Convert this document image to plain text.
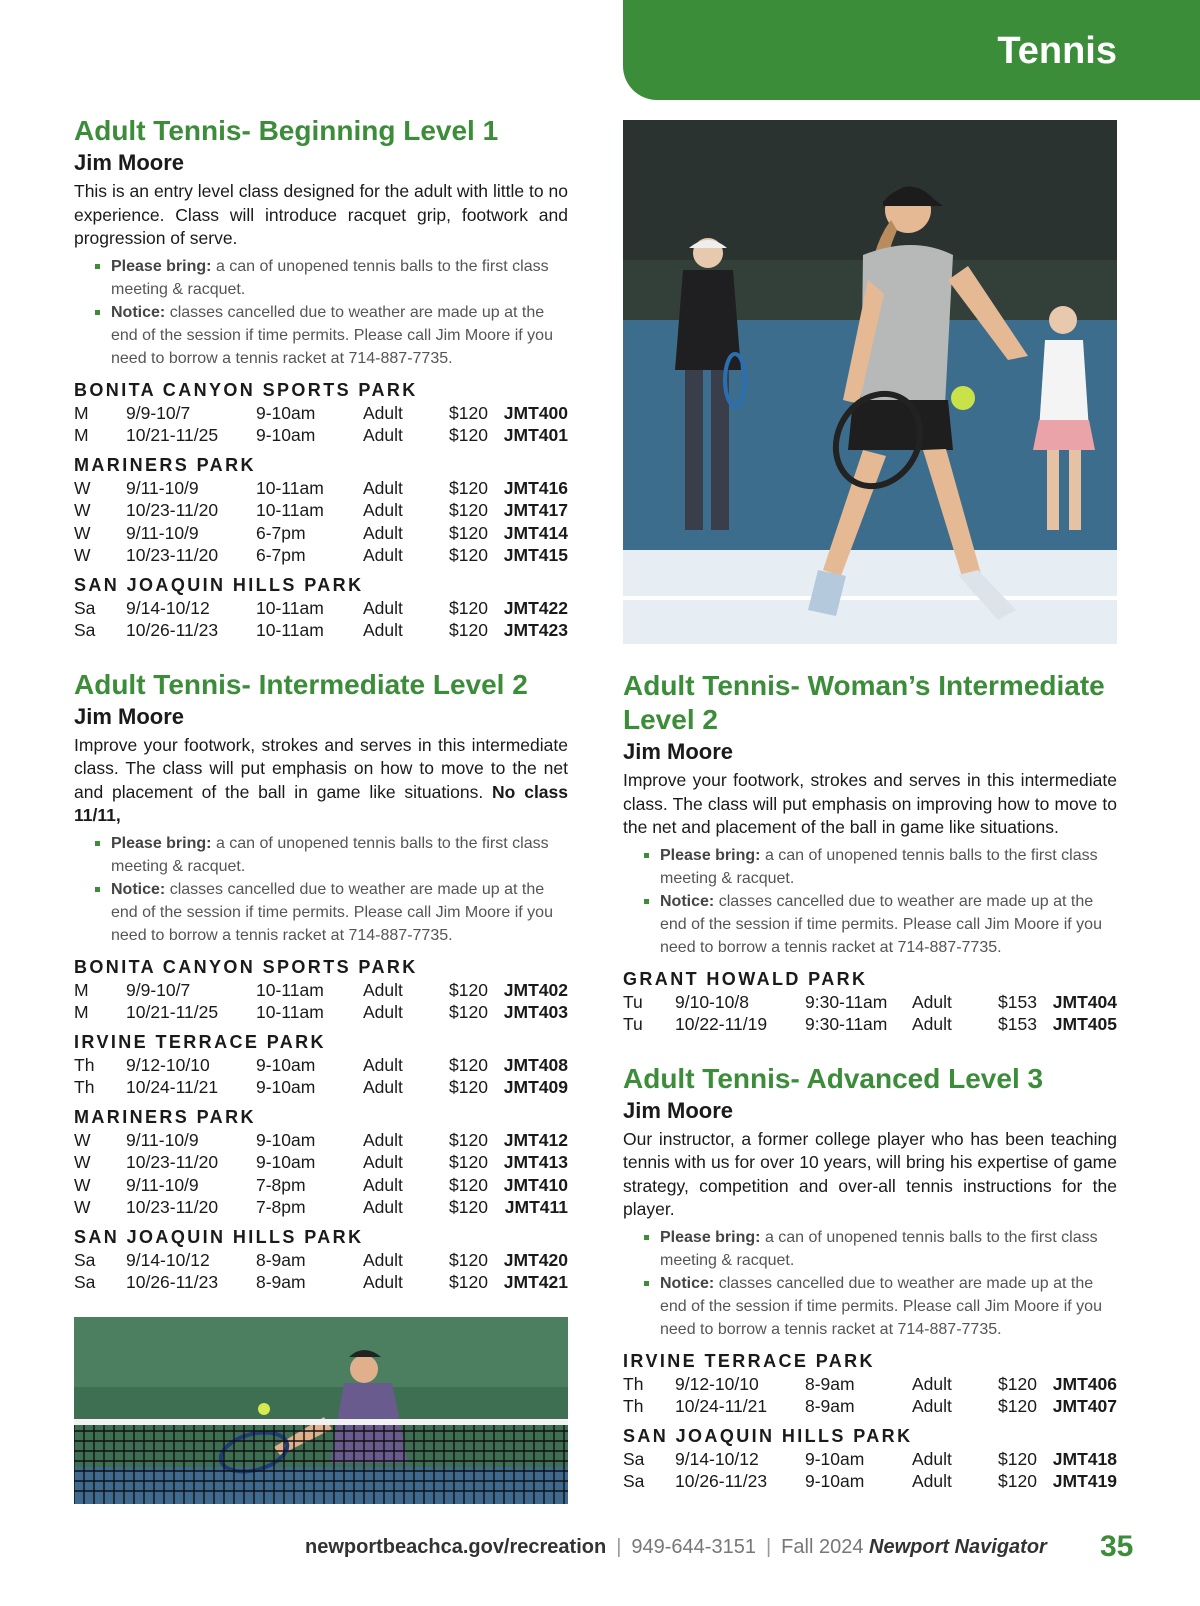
Tennis
Adult Tennis- Beginning Level 1

Jim Moore

This is an entry level class designed for the adult with little to no experience. Class will introduce racquet grip, footwork and progression of serve.

Please bring: a can of unopened tennis balls to the first class meeting & racquet.
Notice: classes cancelled due to weather are made up at the end of the session if time permits. Please call Jim Moore if you need to borrow a tennis racket at 714-887-7735.
BONITA CANYON SPORTS PARK
M 9/9-10/7	9-10am	Adult	$120 JMT400
M 10/21-11/25 9-10am	Adult	$120 JMT401
MARINERS PARK
W 9/11-10/9	10-11am Adult	$120 JMT416
W 10/23-11/20 10-11am Adult	$120 JMT417
W 9/11-10/9	6-7pm	Adult	$120 JMT414
W 10/23-11/20 6-7pm	Adult	$120 JMT415
SAN JOAQUIN HILLS PARK
Sa 9/14-10/12	10-11am Adult	$120 JMT422
Sa 10/26-11/23 10-11am Adult	$120 JMT423
Adult Tennis- Intermediate Level 2

Jim Moore

Improve your footwork, strokes and serves in this intermediate class. The class will put emphasis on how to move to the net and placement of the ball in game like situations. No class 11/11,

Please bring: a can of unopened tennis balls to the first class meeting & racquet.
Notice: classes cancelled due to weather are made up at the end of the session if time permits. Please call Jim Moore if you need to borrow a tennis racket at 714-887-7735.
BONITA CANYON SPORTS PARK
M 9/9-10/7	10-11am Adult	$120 JMT402
M 10/21-11/25 10-11am Adult	$120 JMT403
IRVINE TERRACE PARK
Th 9/12-10/10	9-10am	Adult	$120 JMT408
Th 10/24-11/21 9-10am	Adult	$120 JMT409
MARINERS PARK
W 9/11-10/9	9-10am	Adult	$120 JMT412
W 10/23-11/20 9-10am	Adult	$120 JMT413
W 9/11-10/9	7-8pm	Adult	$120 JMT410
W 10/23-11/20 7-8pm	Adult	$120 JMT411
SAN JOAQUIN HILLS PARK
Sa 9/14-10/12	8-9am	Adult	$120 JMT420
Sa 10/26-11/23 8-9am	Adult	$120 JMT421
Adult Tennis- Woman’s Intermediate Level 2

Jim Moore

Improve your footwork, strokes and serves in this intermediate class. The class will put emphasis on improving how to move to the net and placement of the ball in game like situations.

Please bring: a can of unopened tennis balls to the first class meeting & racquet.
Notice: classes cancelled due to weather are made up at the end of the session if time permits. Please call Jim Moore if you need to borrow a tennis racket at 714-887-7735.
GRANT HOWALD PARK
Tu 9/10-10/8	9:30-11am Adult	$153 JMT404
Tu 10/22-11/19 9:30-11am Adult	$153 JMT405
Adult Tennis- Advanced Level 3

Jim Moore

Our instructor, a former college player who has been teaching tennis with us for over 10 years, will bring his expertise of game strategy, competition and over-all tennis instructions for the player.

Please bring: a can of unopened tennis balls to the first class meeting & racquet.
Notice: classes cancelled due to weather are made up at the end of the session if time permits. Please call Jim Moore if you need to borrow a tennis racket at 714-887-7735.
IRVINE TERRACE PARK
Th 9/12-10/10	8-9am	Adult	$120 JMT406
Th 10/24-11/21 8-9am	Adult	$120 JMT407
SAN JOAQUIN HILLS PARK
Sa 9/14-10/12	9-10am	Adult	$120 JMT418
Sa 10/26-11/23 9-10am	Adult	$120 JMT419
newportbeachca.gov/recreation | 949-644-3151 | Fall 2024 Newport Navigator	35
